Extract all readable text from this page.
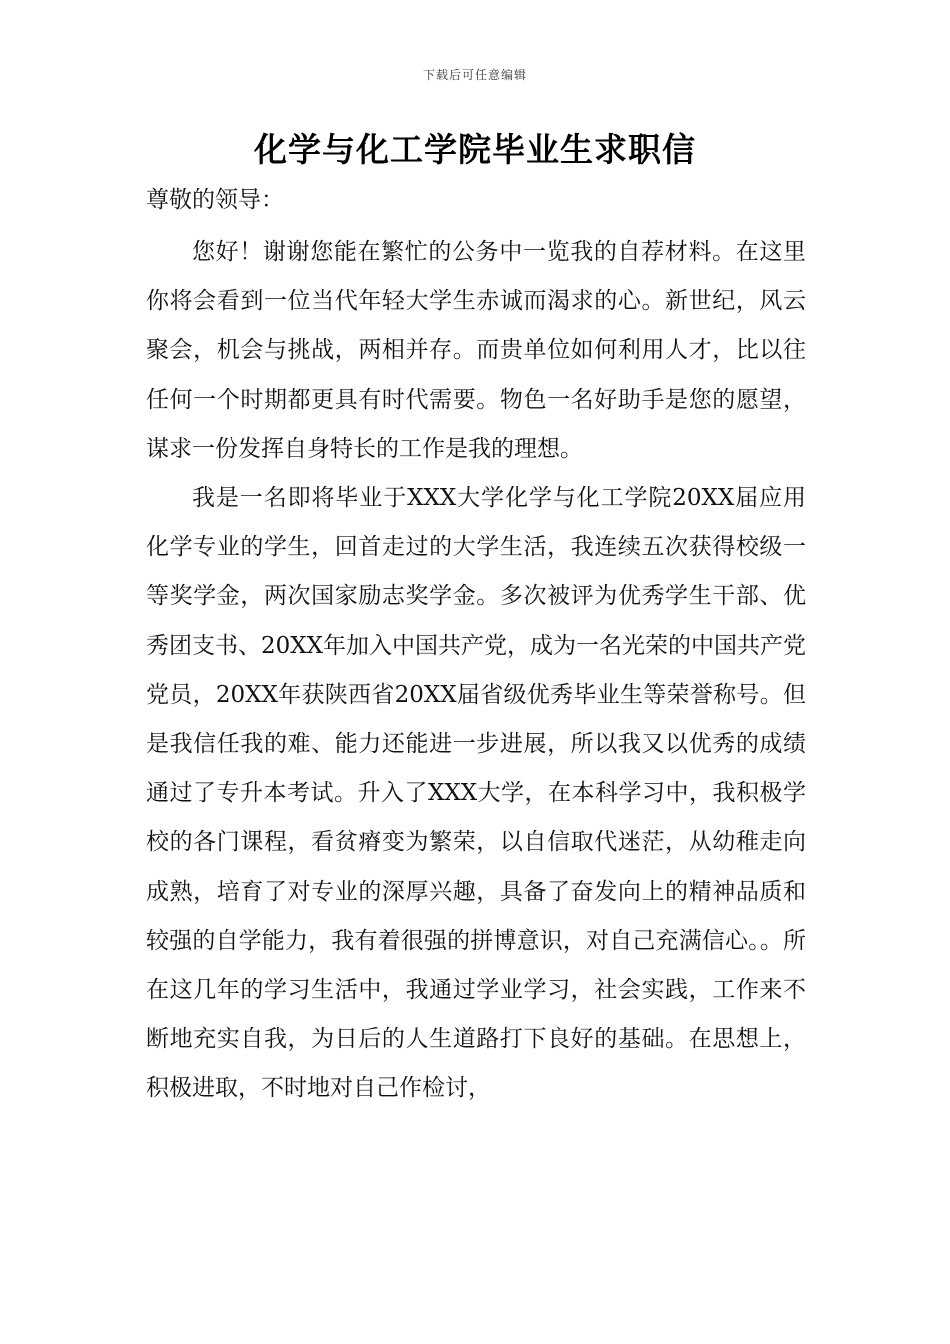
下载后可任意编辑
化学与化工学院毕业生求职信
尊敬的领导：

您好！谢谢您能在繁忙的公务中一览我的自荐材料。在这里你将会看到一位当代年轻大学生赤诚而渴求的心。新世纪，风云聚会，机会与挑战，两相并存。而贵单位如何利用人才，比以往任何一个时期都更具有时代需要。物色一名好助手是您的愿望，谋求一份发挥自身特长的工作是我的理想。

我是一名即将毕业于XXX大学化学与化工学院20XX届应用化学专业的学生，回首走过的大学生活，我连续五次获得校级一等奖学金，两次国家励志奖学金。多次被评为优秀学生干部、优秀团支书、20XX年加入中国共产党，成为一名光荣的中国共产党党员，20XX年获陕西省20XX届省级优秀毕业生等荣誉称号。但是我信任我的难、能力还能进一步进展，所以我又以优秀的成绩通过了专升本考试。升入了XXX大学，在本科学习中，我积极学校的各门课程，看贫瘠变为繁荣，以自信取代迷茫，从幼稚走向成熟，培育了对专业的深厚兴趣，具备了奋发向上的精神品质和较强的自学能力，我有着很强的拼博意识，对自己充满信心。。所在这几年的学习生活中，我通过学业学习，社会实践，工作来不断地充实自我，为日后的人生道路打下良好的基础。在思想上，积极进取，不时地对自己作检讨，
